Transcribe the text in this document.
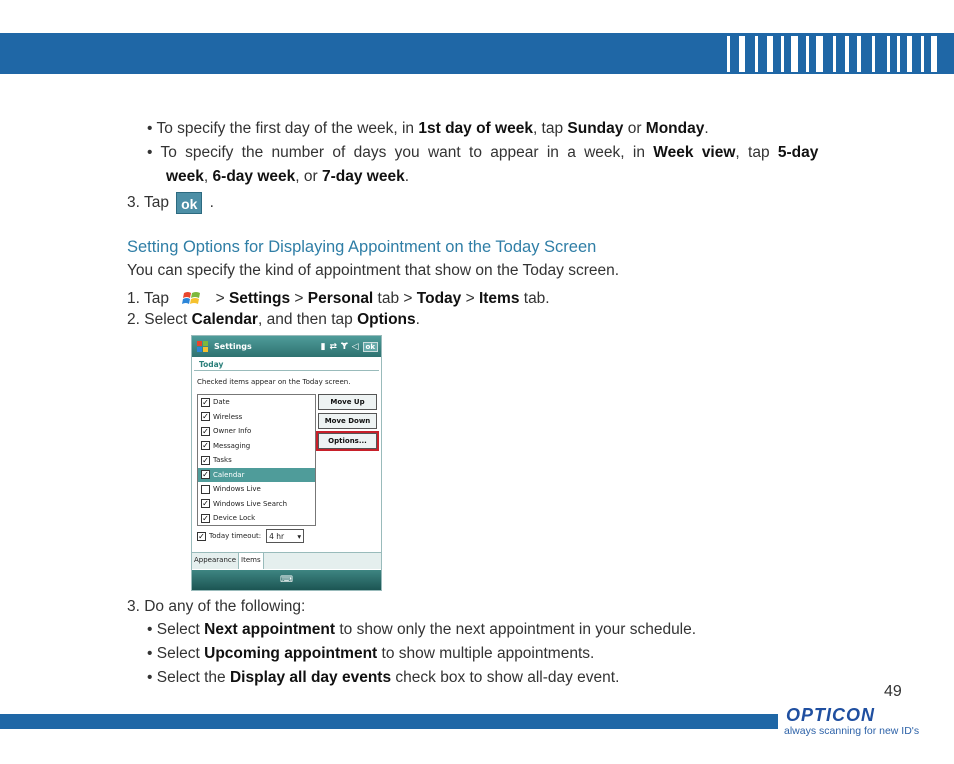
• To specify the first day of the week, in 1st day of week, tap Sunday or Monday.
• To specify the number of days you want to appear in a week, in Week view, tap 5-day
week, 6-day week, or 7-day week.
3. Tap ok .
Setting Options for Displaying Appointment on the Today Screen
You can specify the kind of appointment that show on the Today screen.
1. Tap  > Settings > Personal tab > Today > Items tab.
2. Select Calendar, and then tap Options.
Settings	▮ ⇄ Ɏ ◁	ok
Today
Checked items appear on the Today screen.
✓ Date
✓ Wireless
✓ Owner Info
✓ Messaging
✓ Tasks
✓ Calendar
Windows Live
✓ Windows Live Search
✓ Device Lock
Move Up
Move Down
Options...
✓ Today timeout: 4 hr ▾
Appearance Items
⌨
3. Do any of the following:
• Select Next appointment to show only the next appointment in your schedule.
• Select Upcoming appointment to show multiple appointments.
• Select the Display all day events check box to show all-day event.
49
OPTICON
always scanning for new ID's
